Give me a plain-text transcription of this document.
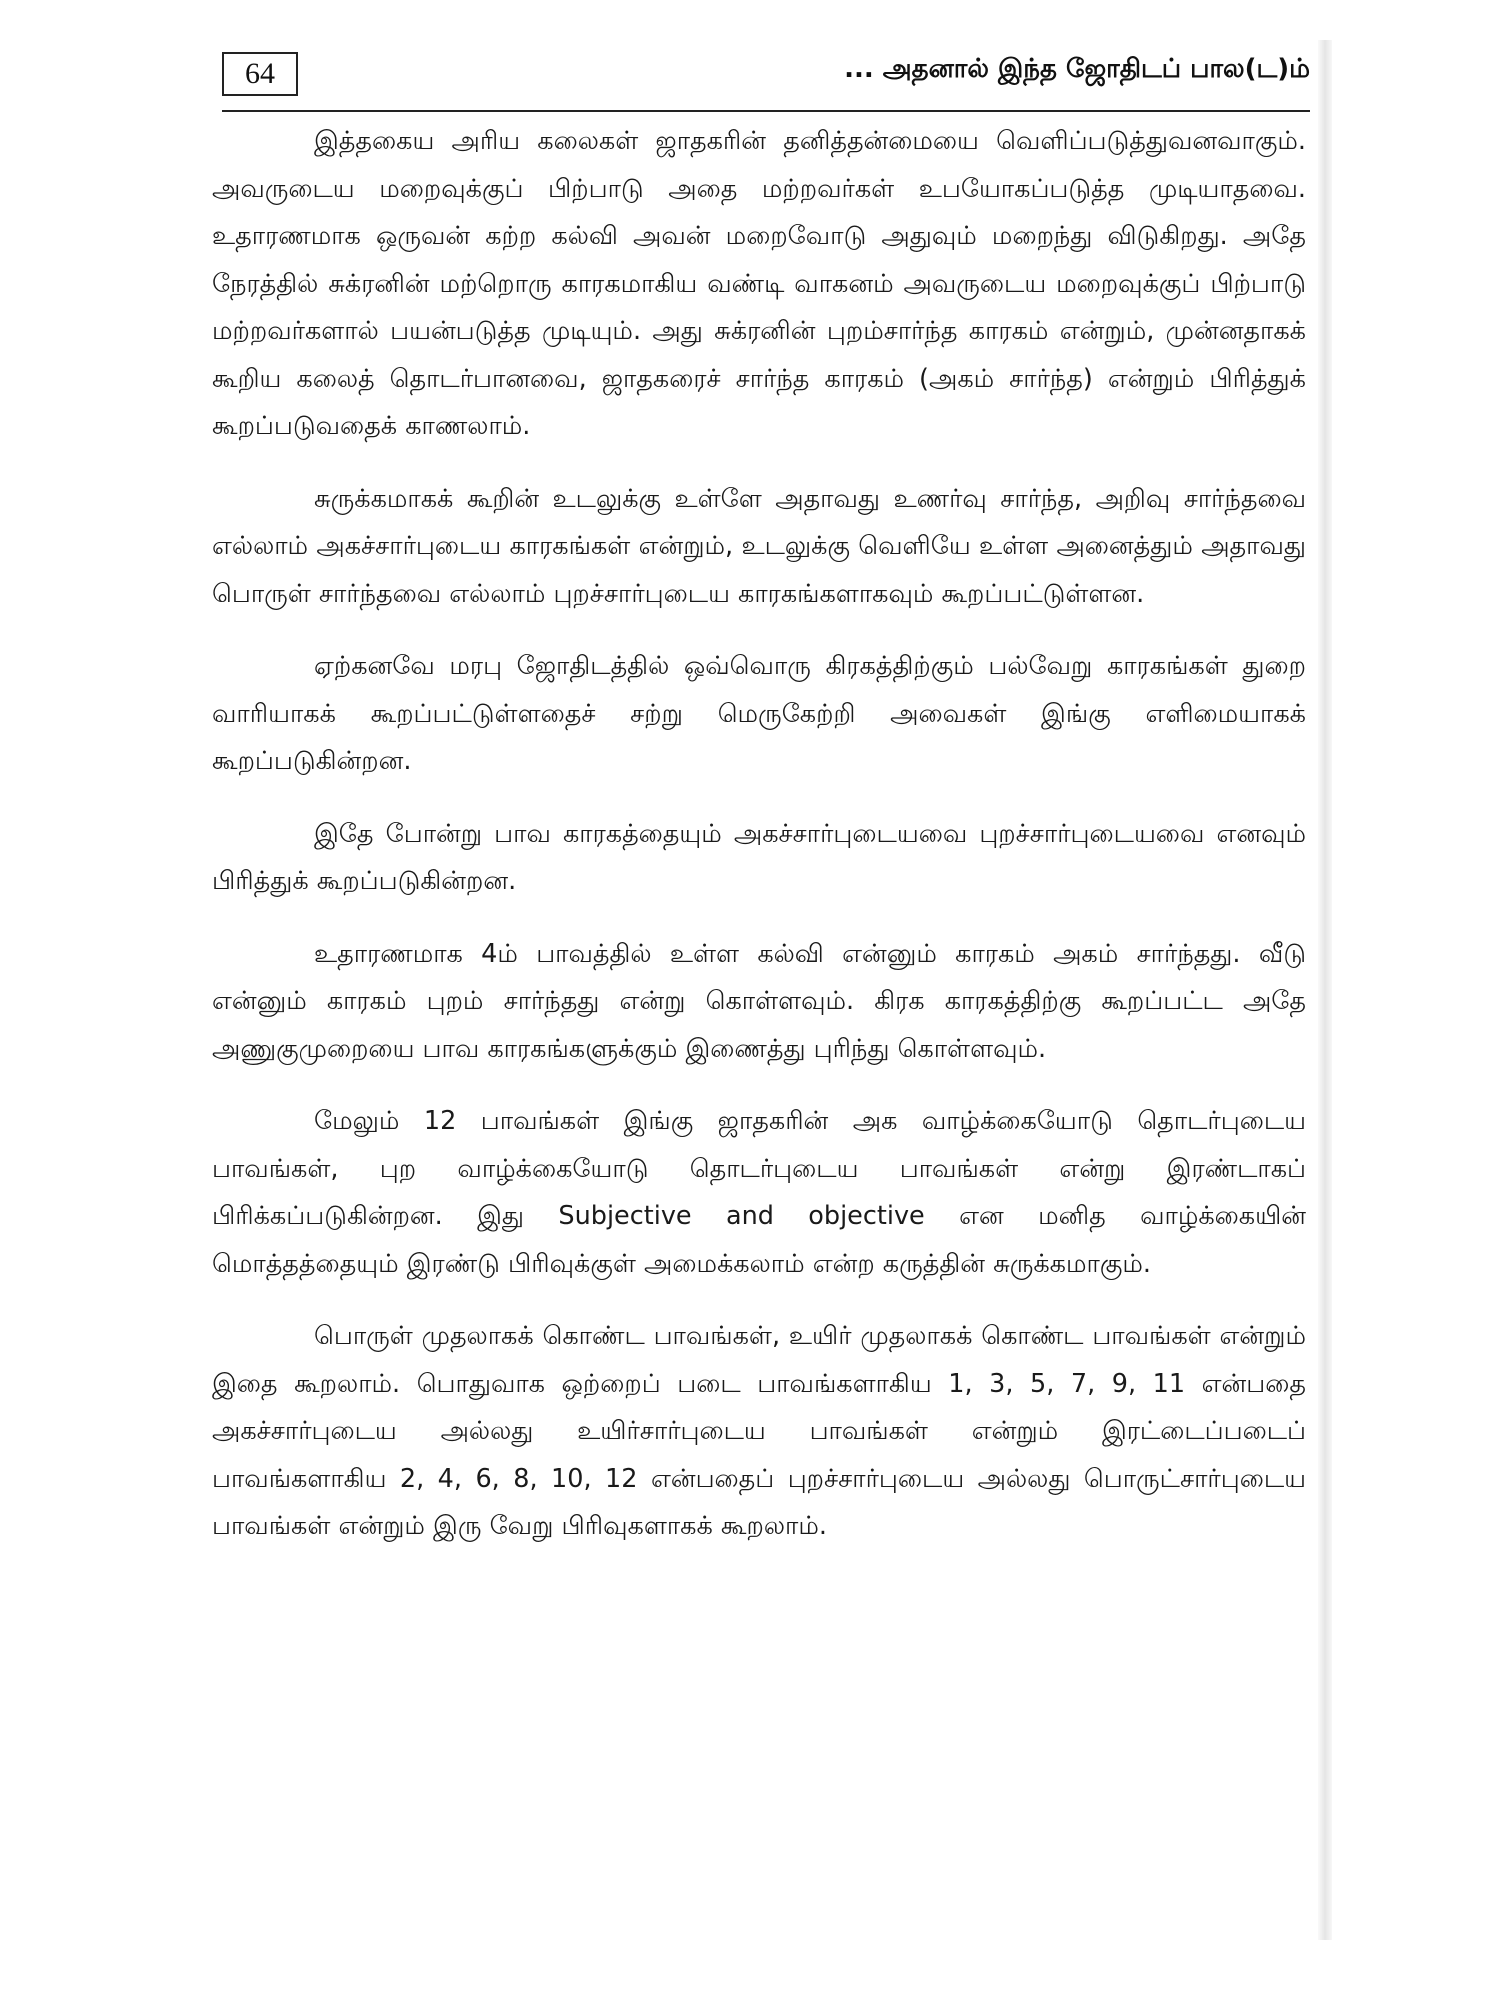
64	... அதனால் இந்த ஜோதிடப் பால(ட)ம்

இத்தகைய அரிய கலைகள் ஜாதகரின் தனித்தன்மையை வெளிப்படுத்துவனவாகும். அவருடைய மறைவுக்குப் பிற்பாடு அதை மற்றவர்கள் உபயோகப்படுத்த முடியாதவை. உதாரணமாக ஒருவன் கற்ற கல்வி அவன் மறைவோடு அதுவும் மறைந்து விடுகிறது. அதே நேரத்தில் சுக்ரனின் மற்றொரு காரகமாகிய வண்டி வாகனம் அவருடைய மறைவுக்குப் பிற்பாடு மற்றவர்களால் பயன்படுத்த முடியும். அது சுக்ரனின் புறம்சார்ந்த காரகம் என்றும், முன்னதாகக் கூறிய கலைத் தொடர்பானவை, ஜாதகரைச் சார்ந்த காரகம் (அகம் சார்ந்த) என்றும் பிரித்துக் கூறப்படுவதைக் காணலாம்.

சுருக்கமாகக் கூறின் உடலுக்கு உள்ளே அதாவது உணர்வு சார்ந்த, அறிவு சார்ந்தவை எல்லாம் அகச்சார்புடைய காரகங்கள் என்றும், உடலுக்கு வெளியே உள்ள அனைத்தும் அதாவது பொருள் சார்ந்தவை எல்லாம் புறச்சார்புடைய காரகங்களாகவும் கூறப்பட்டுள்ளன.

ஏற்கனவே மரபு ஜோதிடத்தில் ஒவ்வொரு கிரகத்திற்கும் பல்வேறு காரகங்கள் துறை வாரியாகக் கூறப்பட்டுள்ளதைச் சற்று மெருகேற்றி அவைகள் இங்கு எளிமையாகக் கூறப்படுகின்றன.

இதே போன்று பாவ காரகத்தையும் அகச்சார்புடையவை புறச்சார்புடையவை எனவும் பிரித்துக் கூறப்படுகின்றன.

உதாரணமாக 4ம் பாவத்தில் உள்ள கல்வி என்னும் காரகம் அகம் சார்ந்தது. வீடு என்னும் காரகம் புறம் சார்ந்தது என்று கொள்ளவும். கிரக காரகத்திற்கு கூறப்பட்ட அதே அணுகுமுறையை பாவ காரகங்களுக்கும் இணைத்து புரிந்து கொள்ளவும்.

மேலும் 12 பாவங்கள் இங்கு ஜாதகரின் அக வாழ்க்கையோடு தொடர்புடைய பாவங்கள், புற வாழ்க்கையோடு தொடர்புடைய பாவங்கள் என்று இரண்டாகப் பிரிக்கப்படுகின்றன. இது Subjective and objective என மனித வாழ்க்கையின் மொத்தத்தையும் இரண்டு பிரிவுக்குள் அமைக்கலாம் என்ற கருத்தின் சுருக்கமாகும்.

பொருள் முதலாகக் கொண்ட பாவங்கள், உயிர் முதலாகக் கொண்ட பாவங்கள் என்றும் இதை கூறலாம். பொதுவாக ஒற்றைப் படை பாவங்களாகிய 1, 3, 5, 7, 9, 11 என்பதை அகச்சார்புடைய அல்லது உயிர்சார்புடைய பாவங்கள் என்றும் இரட்டைப்படைப் பாவங்களாகிய 2, 4, 6, 8, 10, 12 என்பதைப் புறச்சார்புடைய அல்லது பொருட்சார்புடைய பாவங்கள் என்றும் இரு வேறு பிரிவுகளாகக் கூறலாம்.
